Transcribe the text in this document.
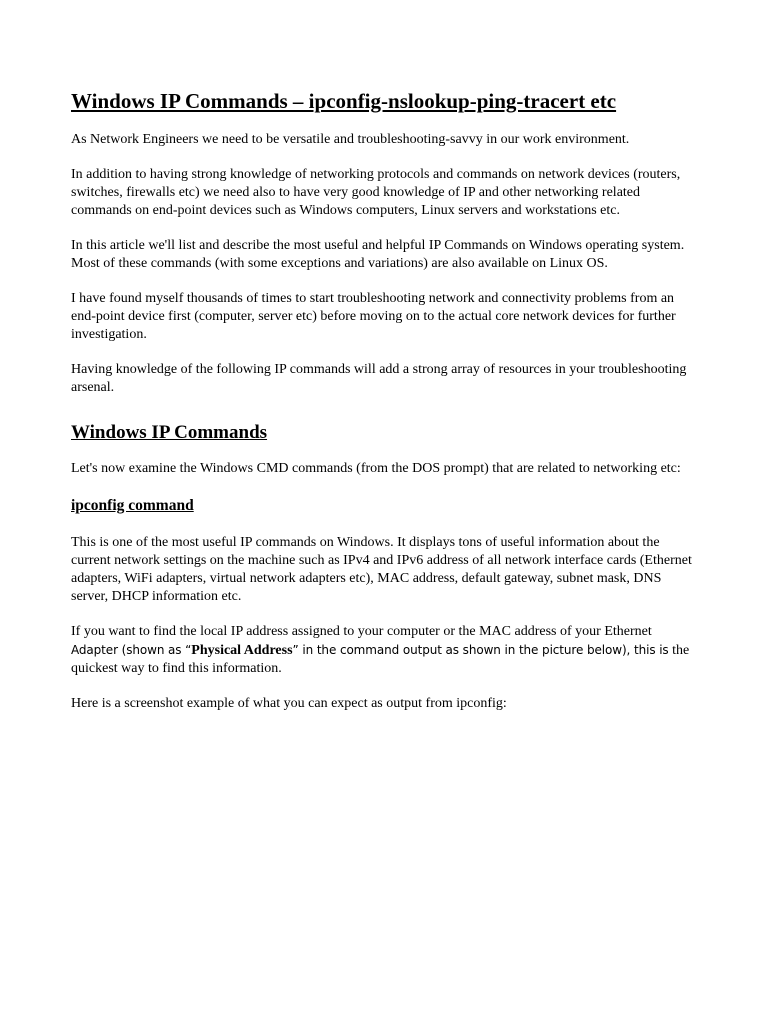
Windows IP Commands – ipconfig-nslookup-ping-tracert etc

As Network Engineers we need to be versatile and troubleshooting-savvy in our work environment.

In addition to having strong knowledge of networking protocols and commands on network devices (routers, switches, firewalls etc) we need also to have very good knowledge of IP and other networking related commands on end-point devices such as Windows computers, Linux servers and workstations etc.

In this article we'll list and describe the most useful and helpful IP Commands on Windows operating system. Most of these commands (with some exceptions and variations) are also available on Linux OS.

I have found myself thousands of times to start troubleshooting network and connectivity problems from an end-point device first (computer, server etc) before moving on to the actual core network devices for further investigation.

Having knowledge of the following IP commands will add a strong array of resources in your troubleshooting arsenal.

Windows IP Commands

Let's now examine the Windows CMD commands (from the DOS prompt) that are related to networking etc:

ipconfig command

This is one of the most useful IP commands on Windows. It displays tons of useful information about the current network settings on the machine such as IPv4 and IPv6 address of all network interface cards (Ethernet adapters, WiFi adapters, virtual network adapters etc), MAC address, default gateway, subnet mask, DNS server, DHCP information etc.

If you want to find the local IP address assigned to your computer or the MAC address of your Ethernet Adapter (shown as “Physical Address” in the command output as shown in the picture below), this is the quickest way to find this information.

Here is a screenshot example of what you can expect as output from ipconfig:
